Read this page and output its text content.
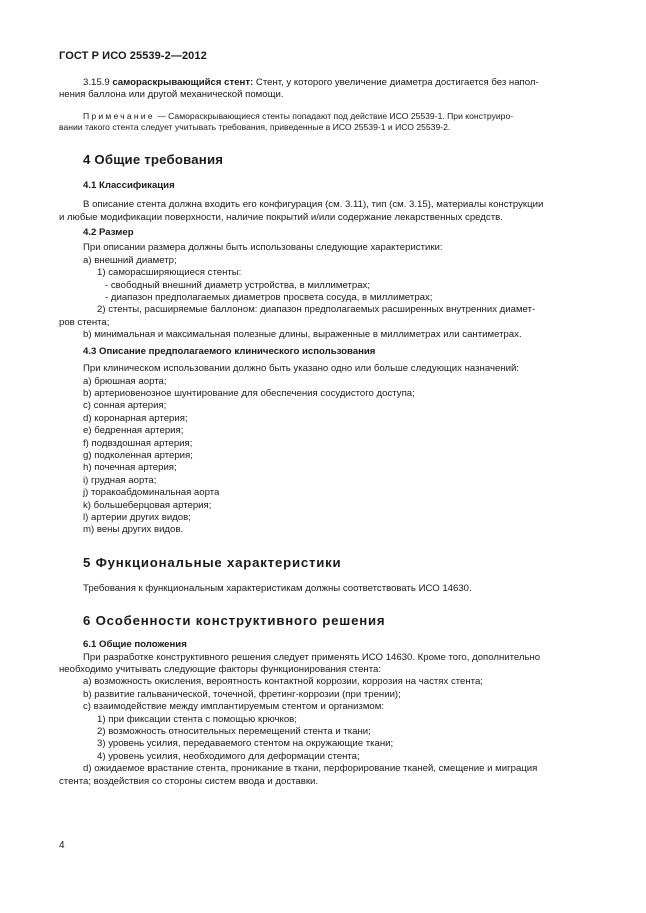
ГОСТ Р ИСО 25539-2—2012

3.15.9 самораскрывающийся стент: Стент, у которого увеличение диаметра достигается без напол-

нения баллона или другой механической помощи.

Примечание — Самораскрывающиеся стенты попадают под действие ИСО 25539-1. При конструиро-

вании такого стента следует учитывать требования, приведенные в ИСО 25539-1 и ИСО 25539-2.

4 Общие требования

4.1 Классификация

В описание стента должна входить его конфигурация (см. 3.11), тип (см. 3.15), материалы конструкции

и любые модификации поверхности, наличие покрытий и/или содержание лекарственных средств.

4.2 Размер

При описании размера должны быть использованы следующие характеристики:

a) внешний диаметр;

1) саморасширяющиеся стенты:

- свободный внешний диаметр устройства, в миллиметрах;

- диапазон предполагаемых диаметров просвета сосуда, в миллиметрах;

2) стенты, расширяемые баллоном: диапазон предполагаемых расширенных внутренних диамет-

ров стента;

b) минимальная и максимальная полезные длины, выраженные в миллиметрах или сантиметрах.

4.3 Описание предполагаемого клинического использования

При клиническом использовании должно быть указано одно или больше следующих назначений:

a) брюшная аорта;

b) артериовенозное шунтирование для обеспечения сосудистого доступа;

c) сонная артерия;

d) коронарная артерия;

e) бедренная артерия;

f) подвздошная артерия;

g) подколенная артерия;

h) почечная артерия;

i) грудная аорта;

j) торакоабдоминальная аорта

k) большеберцовая артерия;

l) артерии других видов;

m) вены других видов.

5 Функциональные характеристики

Требования к функциональным характеристикам должны соответствовать ИСО 14630.

6 Особенности конструктивного решения

6.1 Общие положения

При разработке конструктивного решения следует применять ИСО 14630. Кроме того, дополнительно

необходимо учитывать следующие факторы функционирования стента:

a) возможность окисления, вероятность контактной коррозии, коррозия на частях стента;

b) развитие гальванической, точечной, фретинг-коррозии (при трении);

c) взаимодействие между имплантируемым стентом и организмом:

1) при фиксации стента с помощью крючков;

2) возможность относительных перемещений стента и ткани;

3) уровень усилия, передаваемого стентом на окружающие ткани;

4) уровень усилия, необходимого для деформации стента;

d) ожидаемое врастание стента, проникание в ткани, перфорирование тканей, смещение и миграция

стента; воздействия со стороны систем ввода и доставки.

4
